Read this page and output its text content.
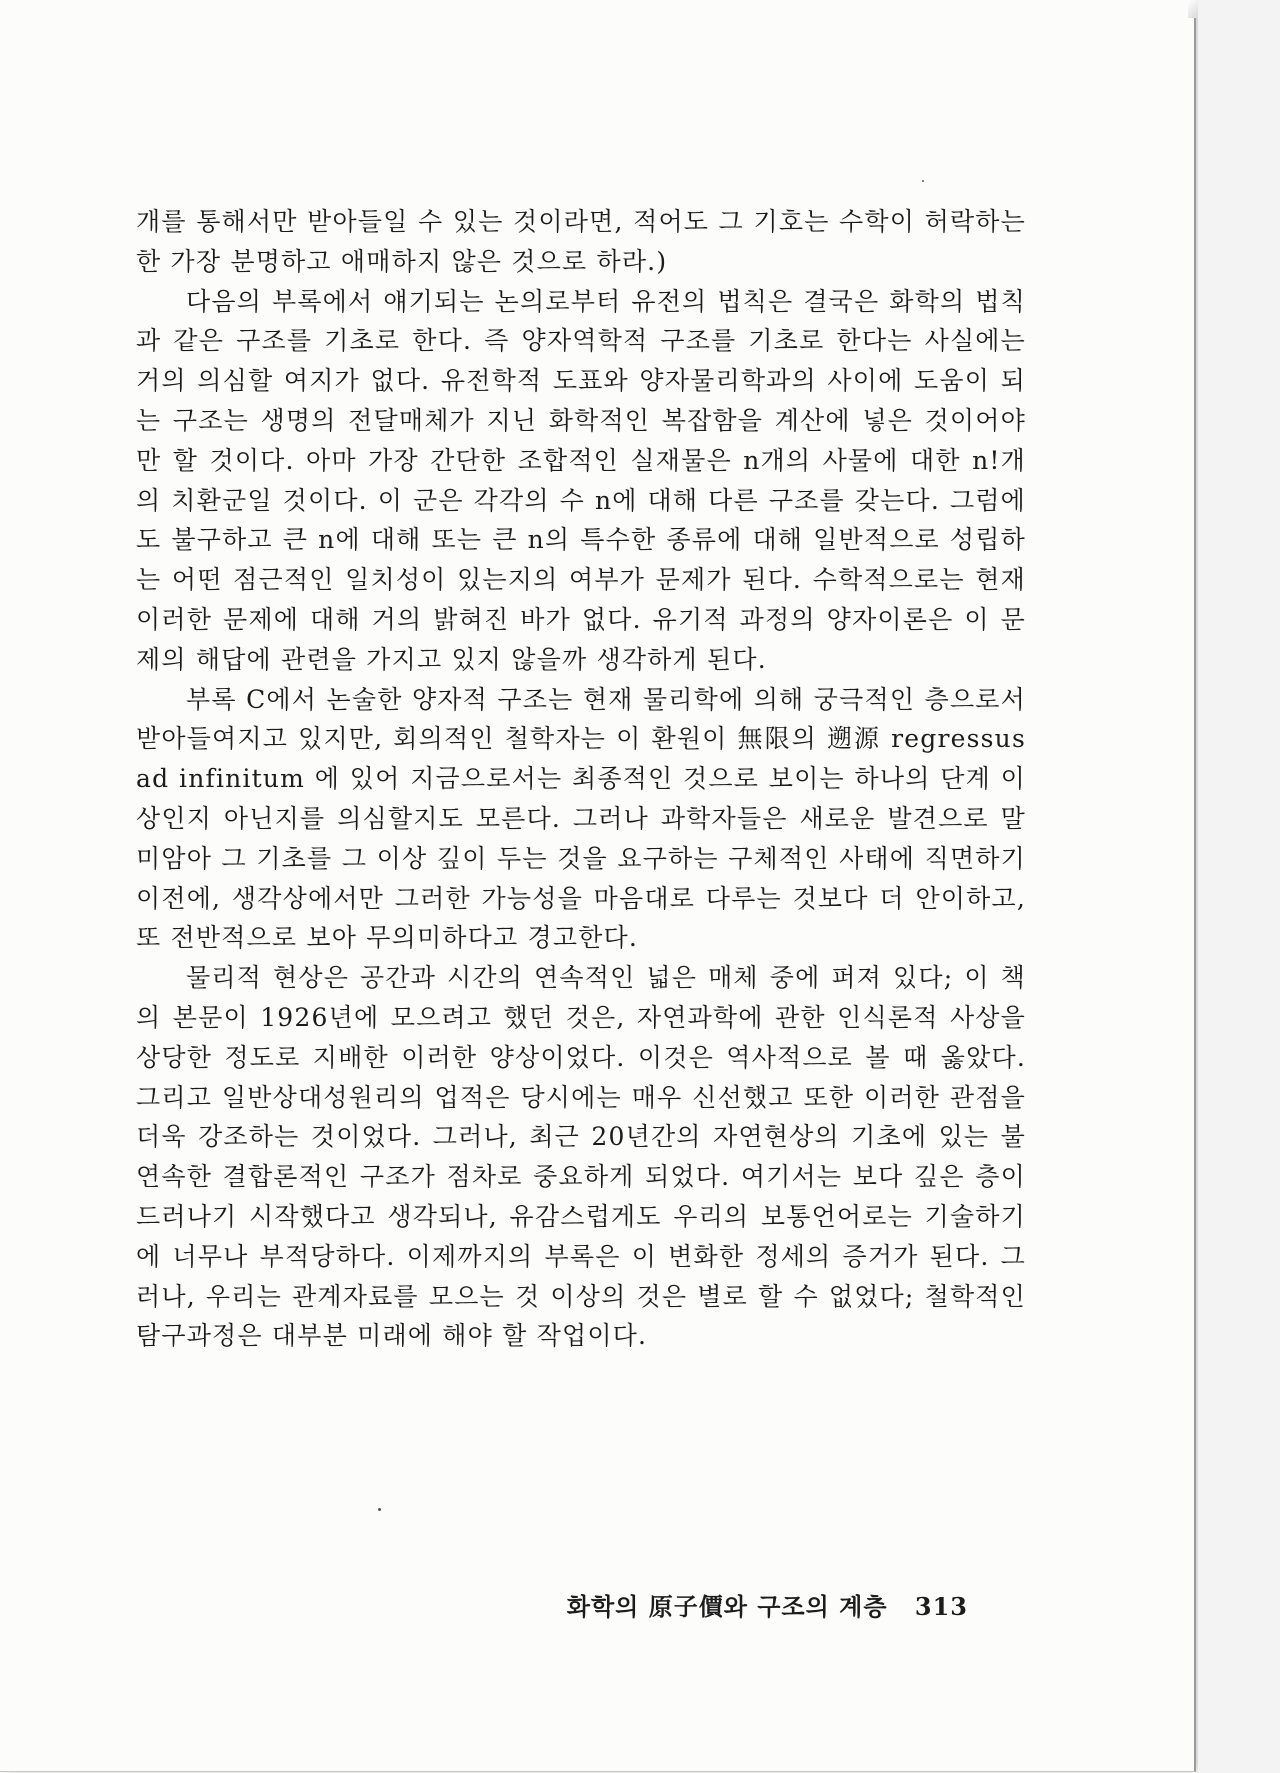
개를 통해서만 받아들일 수 있는 것이라면, 적어도 그 기호는 수학이 허락하는 한 가장 분명하고 애매하지 않은 것으로 하라.)

다음의 부록에서 얘기되는 논의로부터 유전의 법칙은 결국은 화학의 법칙과 같은 구조를 기초로 한다. 즉 양자역학적 구조를 기초로 한다는 사실에는 거의 의심할 여지가 없다. 유전학적 도표와 양자물리학과의 사이에 도움이 되는 구조는 생명의 전달매체가 지닌 화학적인 복잡함을 계산에 넣은 것이어야만 할 것이다. 아마 가장 간단한 조합적인 실재물은 n개의 사물에 대한 n!개의 치환군일 것이다. 이 군은 각각의 수 n에 대해 다른 구조를 갖는다. 그럼에도 불구하고 큰 n에 대해 또는 큰 n의 특수한 종류에 대해 일반적으로 성립하는 어떤 점근적인 일치성이 있는지의 여부가 문제가 된다. 수학적으로는 현재 이러한 문제에 대해 거의 밝혀진 바가 없다. 유기적 과정의 양자이론은 이 문제의 해답에 관련을 가지고 있지 않을까 생각하게 된다.

부록 C에서 논술한 양자적 구조는 현재 물리학에 의해 궁극적인 층으로서 받아들여지고 있지만, 회의적인 철학자는 이 환원이 無限의 遡源 regressus ad infinitum 에 있어 지금으로서는 최종적인 것으로 보이는 하나의 단계 이상인지 아닌지를 의심할지도 모른다. 그러나 과학자들은 새로운 발견으로 말미암아 그 기초를 그 이상 깊이 두는 것을 요구하는 구체적인 사태에 직면하기 이전에, 생각상에서만 그러한 가능성을 마음대로 다루는 것보다 더 안이하고, 또 전반적으로 보아 무의미하다고 경고한다.

물리적 현상은 공간과 시간의 연속적인 넓은 매체 중에 퍼져 있다; 이 책의 본문이 1926년에 모으려고 했던 것은, 자연과학에 관한 인식론적 사상을 상당한 정도로 지배한 이러한 양상이었다. 이것은 역사적으로 볼 때 옳았다. 그리고 일반상대성원리의 업적은 당시에는 매우 신선했고 또한 이러한 관점을 더욱 강조하는 것이었다. 그러나, 최근 20년간의 자연현상의 기초에 있는 불연속한 결합론적인 구조가 점차로 중요하게 되었다. 여기서는 보다 깊은 층이 드러나기 시작했다고 생각되나, 유감스럽게도 우리의 보통언어로는 기술하기에 너무나 부적당하다. 이제까지의 부록은 이 변화한 정세의 증거가 된다. 그러나, 우리는 관계자료를 모으는 것 이상의 것은 별로 할 수 없었다; 철학적인 탐구과정은 대부분 미래에 해야 할 작업이다.

화학의 原子價와 구조의 계층 313
